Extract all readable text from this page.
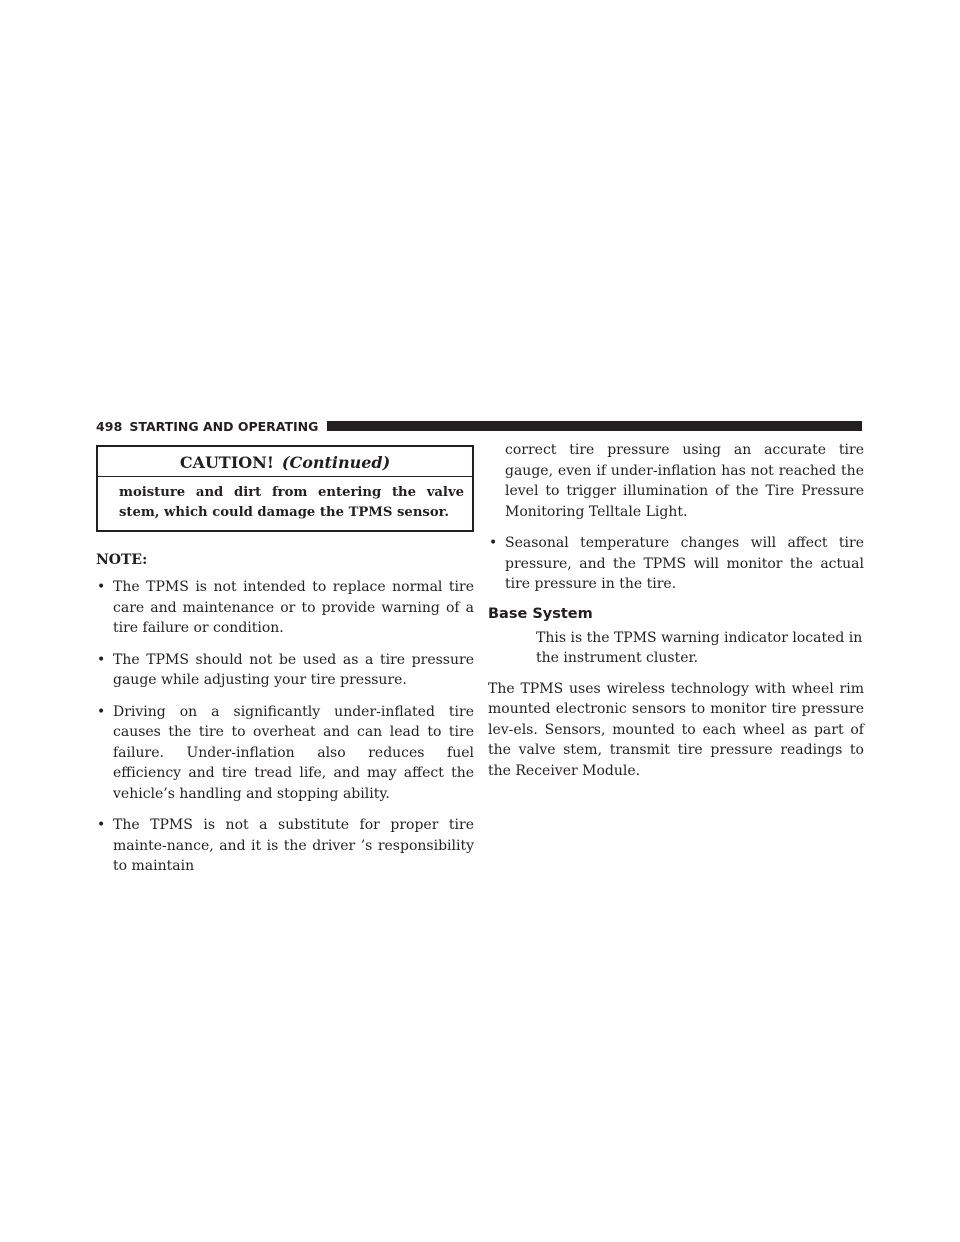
498 STARTING AND OPERATING
CAUTION! (Continued)
moisture and dirt from entering the valve stem, which could damage the TPMS sensor.
NOTE:
• The TPMS is not intended to replace normal tire care and maintenance or to provide warning of a tire failure or condition.
• The TPMS should not be used as a tire pressure gauge while adjusting your tire pressure.
• Driving on a significantly under-inflated tire causes the tire to overheat and can lead to tire failure. Under-inflation also reduces fuel efficiency and tire tread life, and may affect the vehicle’s handling and stopping ability.
• The TPMS is not a substitute for proper tire mainte-nance, and it is the driver ’s responsibility to maintain
correct tire pressure using an accurate tire gauge, even if under-inflation has not reached the level to trigger illumination of the Tire Pressure Monitoring Telltale Light.
• Seasonal temperature changes will affect tire pressure, and the TPMS will monitor the actual tire pressure in the tire.
Base System
This is the TPMS warning indicator located in the instrument cluster.
The TPMS uses wireless technology with wheel rim mounted electronic sensors to monitor tire pressure lev-els. Sensors, mounted to each wheel as part of the valve stem, transmit tire pressure readings to the Receiver Module.
